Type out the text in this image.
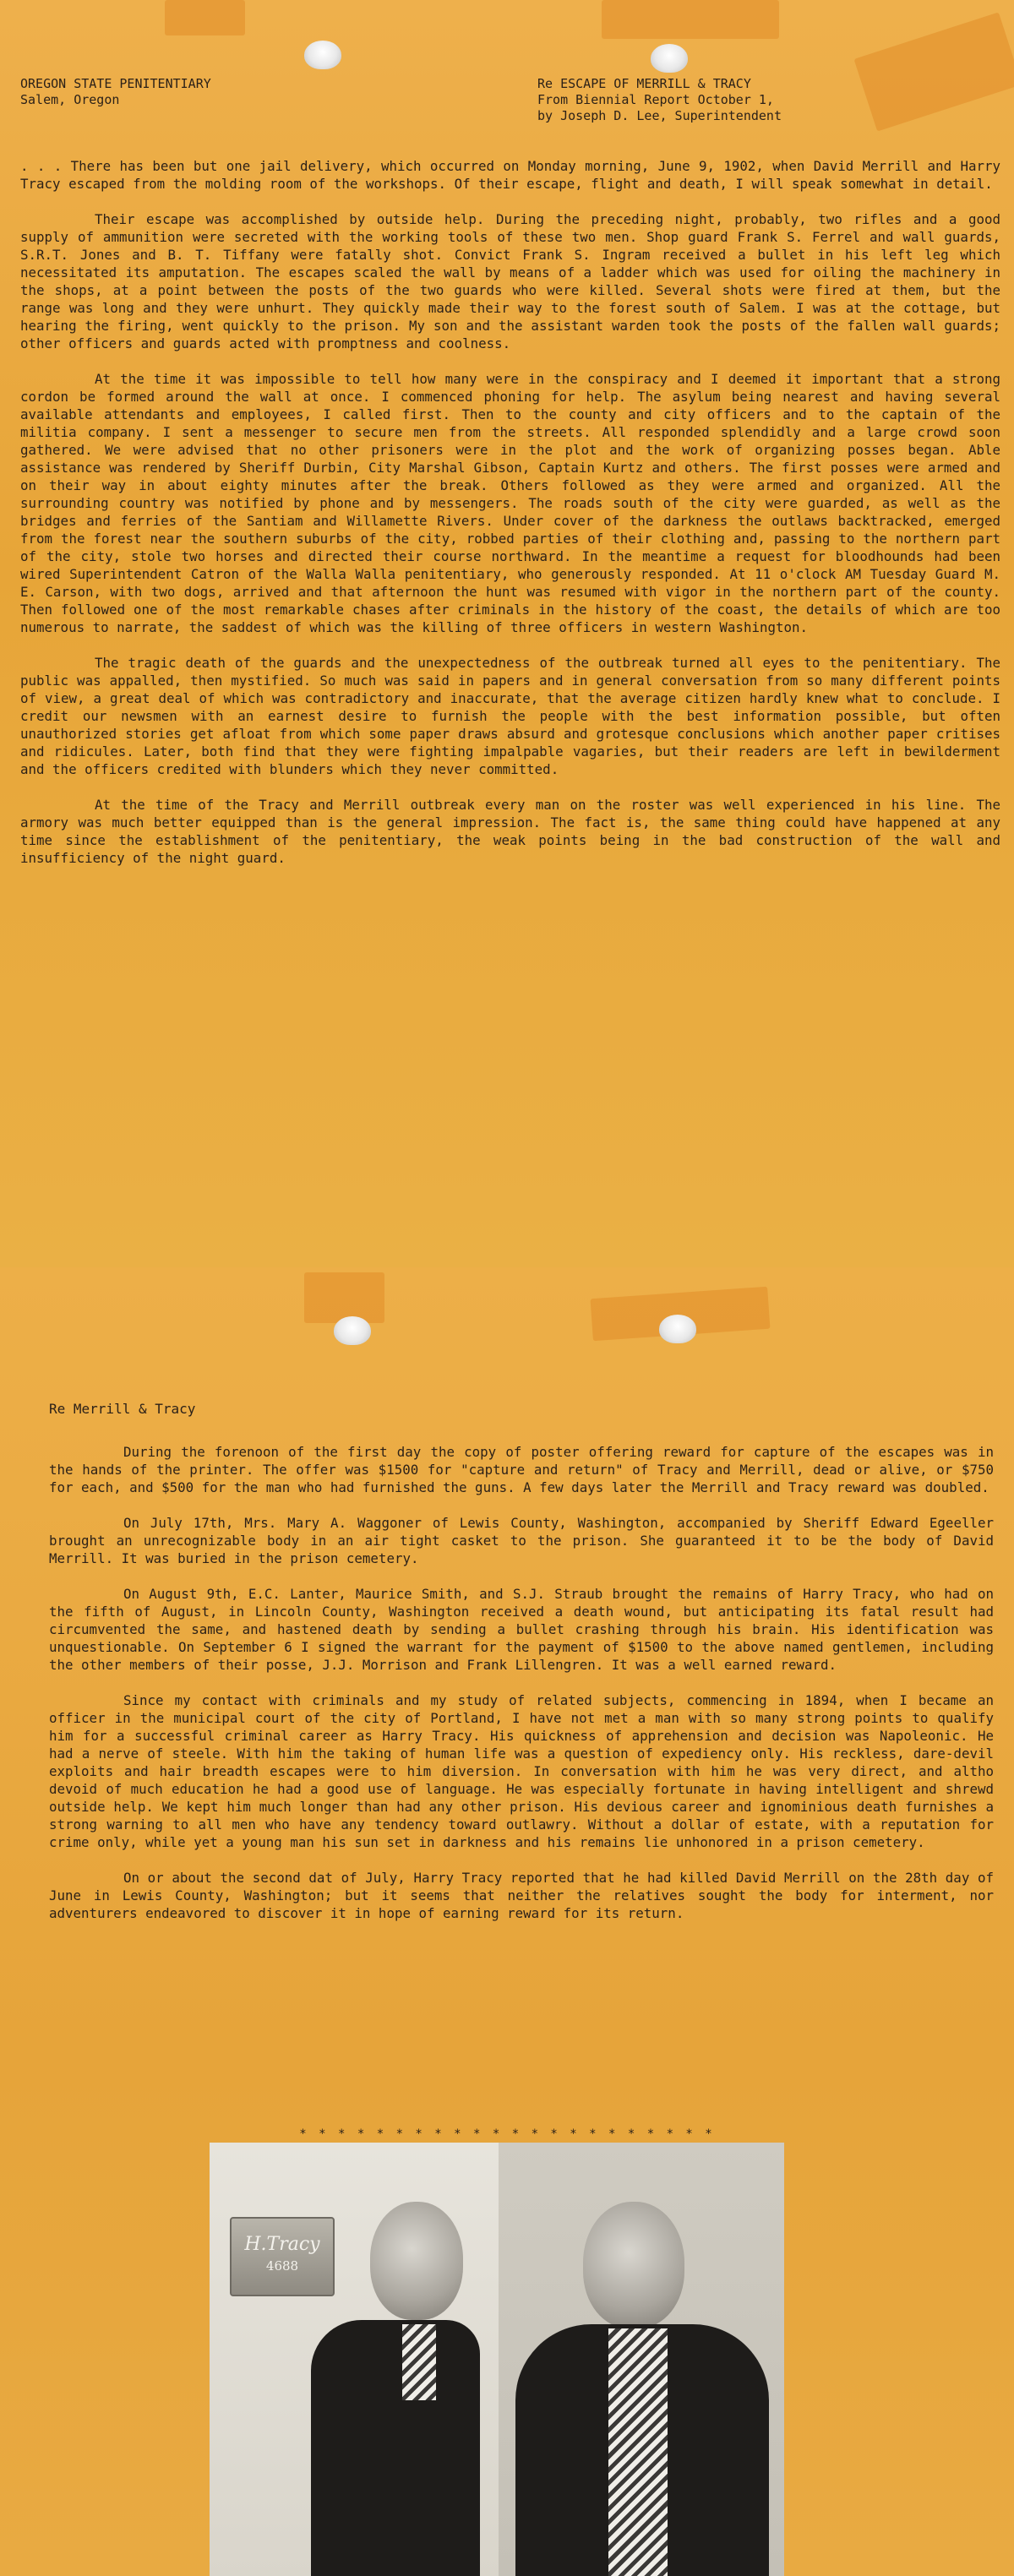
OREGON STATE PENITENTIARY
Salem, Oregon
Re ESCAPE OF MERRILL & TRACY
From Biennial Report October 1,
by Joseph D. Lee, Superintendent

. . . There has been but one jail delivery, which occurred on Monday morning, June 9, 1902, when David Merrill and Harry Tracy escaped from the molding room of the workshops. Of their escape, flight and death, I will speak somewhat in detail.

Their escape was accomplished by outside help. During the preceding night, probably, two rifles and a good supply of ammunition were secreted with the working tools of these two men. Shop guard Frank S. Ferrel and wall guards, S.R.T. Jones and B. T. Tiffany were fatally shot. Convict Frank S. Ingram received a bullet in his left leg which necessitated its amputation. The escapes scaled the wall by means of a ladder which was used for oiling the machinery in the shops, at a point between the posts of the two guards who were killed. Several shots were fired at them, but the range was long and they were unhurt. They quickly made their way to the forest south of Salem. I was at the cottage, but hearing the firing, went quickly to the prison. My son and the assistant warden took the posts of the fallen wall guards; other officers and guards acted with promptness and coolness.

At the time it was impossible to tell how many were in the conspiracy and I deemed it important that a strong cordon be formed around the wall at once. I commenced phoning for help. The asylum being nearest and having several available attendants and employees, I called first. Then to the county and city officers and to the captain of the militia company. I sent a messenger to secure men from the streets. All responded splendidly and a large crowd soon gathered. We were advised that no other prisoners were in the plot and the work of organizing posses began. Able assistance was rendered by Sheriff Durbin, City Marshal Gibson, Captain Kurtz and others. The first posses were armed and on their way in about eighty minutes after the break. Others followed as they were armed and organized. All the surrounding country was notified by phone and by messengers. The roads south of the city were guarded, as well as the bridges and ferries of the Santiam and Willamette Rivers. Under cover of the darkness the outlaws backtracked, emerged from the forest near the southern suburbs of the city, robbed parties of their clothing and, passing to the northern part of the city, stole two horses and directed their course northward. In the meantime a request for bloodhounds had been wired Superintendent Catron of the Walla Walla penitentiary, who generously responded. At 11 o'clock AM Tuesday Guard M. E. Carson, with two dogs, arrived and that afternoon the hunt was resumed with vigor in the northern part of the county. Then followed one of the most remarkable chases after criminals in the history of the coast, the details of which are too numerous to narrate, the saddest of which was the killing of three officers in western Washington.

The tragic death of the guards and the unexpectedness of the outbreak turned all eyes to the penitentiary. The public was appalled, then mystified. So much was said in papers and in general conversation from so many different points of view, a great deal of which was contradictory and inaccurate, that the average citizen hardly knew what to conclude. I credit our newsmen with an earnest desire to furnish the people with the best information possible, but often unauthorized stories get afloat from which some paper draws absurd and grotesque conclusions which another paper critises and ridicules. Later, both find that they were fighting impalpable vagaries, but their readers are left in bewilderment and the officers credited with blunders which they never committed.

At the time of the Tracy and Merrill outbreak every man on the roster was well experienced in his line. The armory was much better equipped than is the general impression. The fact is, the same thing could have happened at any time since the establishment of the penitentiary, the weak points being in the bad construction of the wall and insufficiency of the night guard.

Re Merrill & Tracy

During the forenoon of the first day the copy of poster offering reward for capture of the escapes was in the hands of the printer. The offer was $1500 for "capture and return" of Tracy and Merrill, dead or alive, or $750 for each, and $500 for the man who had furnished the guns. A few days later the Merrill and Tracy reward was doubled.

On July 17th, Mrs. Mary A. Waggoner of Lewis County, Washington, accompanied by Sheriff Edward Egeeller brought an unrecognizable body in an air tight casket to the prison. She guaranteed it to be the body of David Merrill. It was buried in the prison cemetery.

On August 9th, E.C. Lanter, Maurice Smith, and S.J. Straub brought the remains of Harry Tracy, who had on the fifth of August, in Lincoln County, Washington received a death wound, but anticipating its fatal result had circumvented the same, and hastened death by sending a bullet crashing through his brain. His identification was unquestionable. On September 6 I signed the warrant for the payment of $1500 to the above named gentlemen, including the other members of their posse, J.J. Morrison and Frank Lillengren. It was a well earned reward.

Since my contact with criminals and my study of related subjects, commencing in 1894, when I became an officer in the municipal court of the city of Portland, I have not met a man with so many strong points to qualify him for a successful criminal career as Harry Tracy. His quickness of apprehension and decision was Napoleonic. He had a nerve of steele. With him the taking of human life was a question of expediency only. His reckless, dare-devil exploits and hair breadth escapes were to him diversion. In conversation with him he was very direct, and altho devoid of much education he had a good use of language. He was especially fortunate in having intelligent and shrewd outside help. We kept him much longer than had any other prison. His devious career and ignominious death furnishes a strong warning to all men who have any tendency toward outlawry. Without a dollar of estate, with a reputation for crime only, while yet a young man his sun set in darkness and his remains lie unhonored in a prison cemetery.

On or about the second dat of July, Harry Tracy reported that he had killed David Merrill on the 28th day of June in Lewis County, Washington; but it seems that neither the relatives sought the body for interment, nor adventurers endeavored to discover it in hope of earning reward for its return.

* * * * * * * * * * * * * * * * * * * * * *
H.Tracy
4688
